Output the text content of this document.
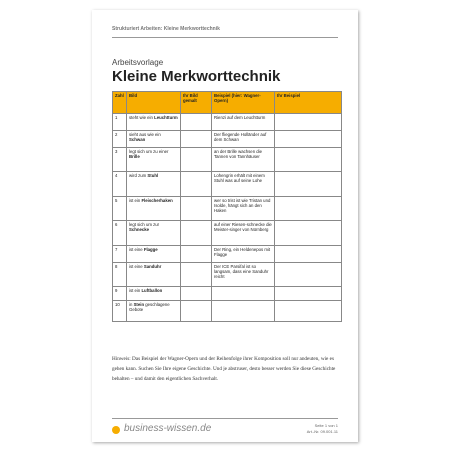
Strukturiert Arbeiten: Kleine Merkworttechnik
Arbeitsvorlage
Kleine Merkworttechnik
Zahl	Bild	Ihr Bild gemalt	Beispiel (hier: Wagner-Opern)	Ihr Beispiel
1	steht wie ein Leuchtturm		Rienzi auf dem Leuchtturm	
2	sieht aus wie ein Schwan		Der fliegende Holländer auf dem Schwan	
3	legt sich um zu einer Brille		an der Brille wachsen die Tannen von Tannhäuser	
4	wird zum Stuhl		Lohengrin erhält mit einem Stuhl was auf seine Lohe	
5	ist ein Fleischerhaken		wer so trist ist wie Tristan und Isolde, hängt sich an den Haken	
6	legt sich um zur Schnecke		auf einer Riesen-schnecke die Meister-singer von Nürnberg	
7	ist eine Flagge		Der Ring, ein Heldenepos mit Flagge	
8	ist eine Sanduhr		Der ICE Parsifal ist so langsam, dass eine Sanduhr reicht	
9	ist ein Luftballon			
10	in Stein geschlagene Gebote			

Hinweis: Das Beispiel der Wagner-Opern und der Reihenfolge ihrer Komposition soll nur andeuten, wie es gehen kann. Suchen Sie Ihre eigene Geschichte. Und je abstruser, desto besser werden Sie diese Geschichte behalten – und damit den eigentlichen Sachverhalt.

business-wissen.de	Seite 1 von 1
Art.-Nr. 09.001.11
